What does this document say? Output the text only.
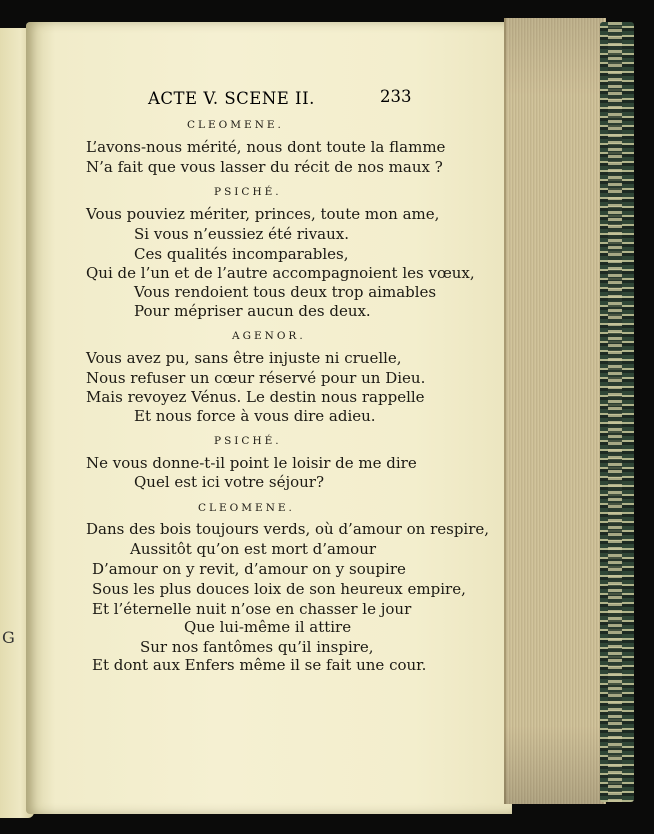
G
ACTE V. SCENE II.	233
CLEOMENE.
L’avons-nous mérité, nous dont toute la flamme
N’a fait que vous lasser du récit de nos maux ?
PSICHÉ.
Vous pouviez mériter, princes, toute mon ame,
Si vous n’eussiez été rivaux.
Ces qualités incomparables,
Qui de l’un et de l’autre accompagnoient les vœux,
Vous rendoient tous deux trop aimables
Pour mépriser aucun des deux.
AGENOR.
Vous avez pu, sans être injuste ni cruelle,
Nous refuser un cœur réservé pour un Dieu.
Mais revoyez Vénus. Le destin nous rappelle
Et nous force à vous dire adieu.
PSICHÉ.
Ne vous donne-t-il point le loisir de me dire
Quel est ici votre séjour?
CLEOMENE.
Dans des bois toujours verds, où d’amour on respire,
Aussitôt qu’on est mort d’amour
D’amour on y revit, d’amour on y soupire
Sous les plus douces loix de son heureux empire,
Et l’éternelle nuit n’ose en chasser le jour
Que lui-même il attire
Sur nos fantômes qu’il inspire,
Et dont aux Enfers même il se fait une cour.
